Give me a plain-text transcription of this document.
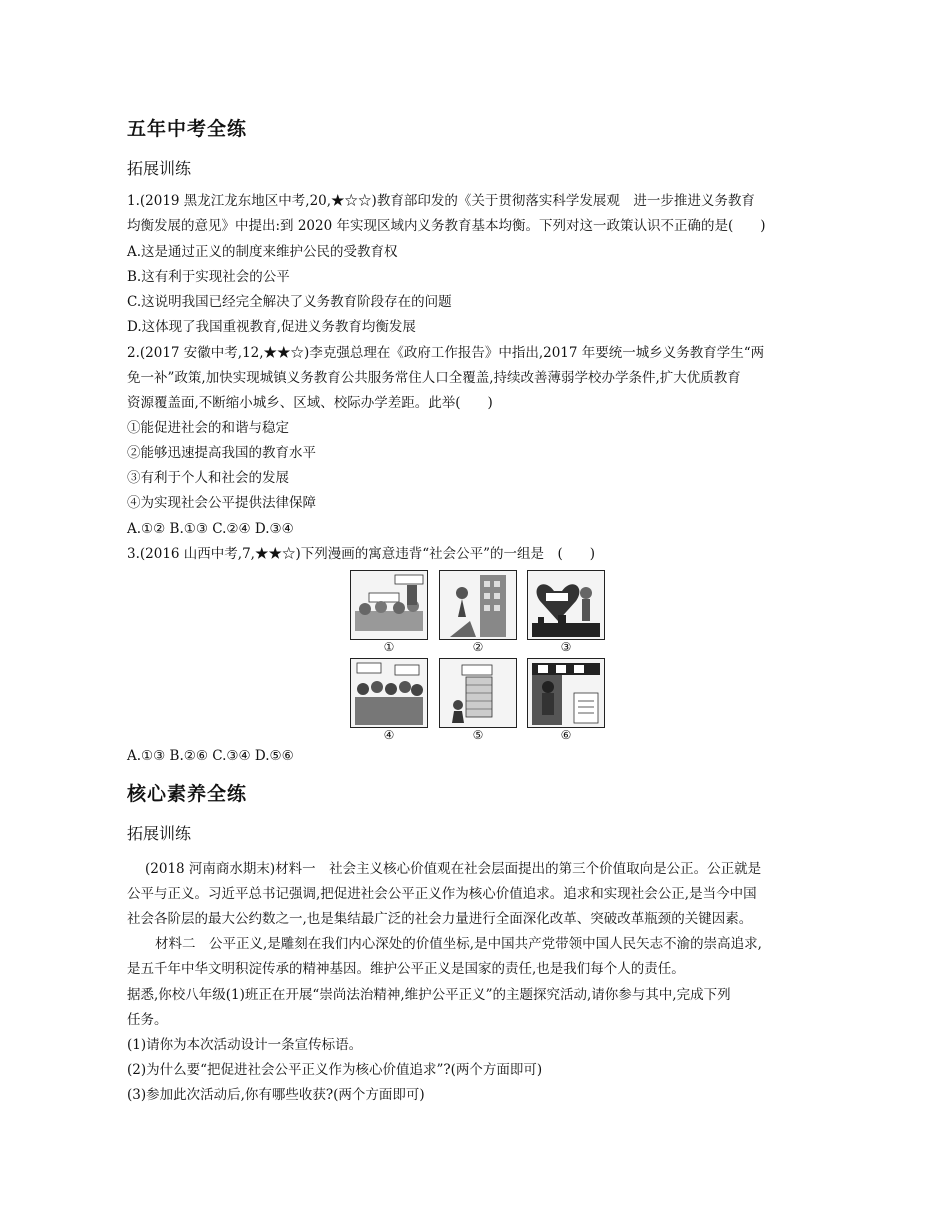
五年中考全练
拓展训练
1.(2019 黑龙江龙东地区中考,20,★☆☆)教育部印发的《关于贯彻落实科学发展观　进一步推进义务教育
均衡发展的意见》中提出:到 2020 年实现区域内义务教育基本均衡。下列对这一政策认识不正确的是(　　)
A.这是通过正义的制度来维护公民的受教育权
B.这有利于实现社会的公平
C.这说明我国已经完全解决了义务教育阶段存在的问题
D.这体现了我国重视教育,促进义务教育均衡发展
2.(2017 安徽中考,12,★★☆)李克强总理在《政府工作报告》中指出,2017 年要统一城乡义务教育学生“两
免一补”政策,加快实现城镇义务教育公共服务常住人口全覆盖,持续改善薄弱学校办学条件,扩大优质教育
资源覆盖面,不断缩小城乡、区域、校际办学差距。此举(　　)
①能促进社会的和谐与稳定
②能够迅速提高我国的教育水平
③有利于个人和社会的发展
④为实现社会公平提供法律保障
A.①② B.①③ C.②④ D.③④
3.(2016 山西中考,7,★★☆)下列漫画的寓意违背“社会公平”的一组是　(　　)
①	②	③
④	⑤	⑥
A.①③ B.②⑥ C.③④ D.⑤⑥
核心素养全练
拓展训练
(2018 河南商水期末)材料一　社会主义核心价值观在社会层面提出的第三个价值取向是公正。公正就是
公平与正义。习近平总书记强调,把促进社会公平正义作为核心价值追求。追求和实现社会公正,是当今中国
社会各阶层的最大公约数之一,也是集结最广泛的社会力量进行全面深化改革、突破改革瓶颈的关键因素。
材料二　公平正义,是雕刻在我们内心深处的价值坐标,是中国共产党带领中国人民矢志不渝的崇高追求,
是五千年中华文明积淀传承的精神基因。维护公平正义是国家的责任,也是我们每个人的责任。
据悉,你校八年级(1)班正在开展“崇尚法治精神,维护公平正义”的主题探究活动,请你参与其中,完成下列
任务。
(1)请你为本次活动设计一条宣传标语。
(2)为什么要“把促进社会公平正义作为核心价值追求”?(两个方面即可)
(3)参加此次活动后,你有哪些收获?(两个方面即可)
